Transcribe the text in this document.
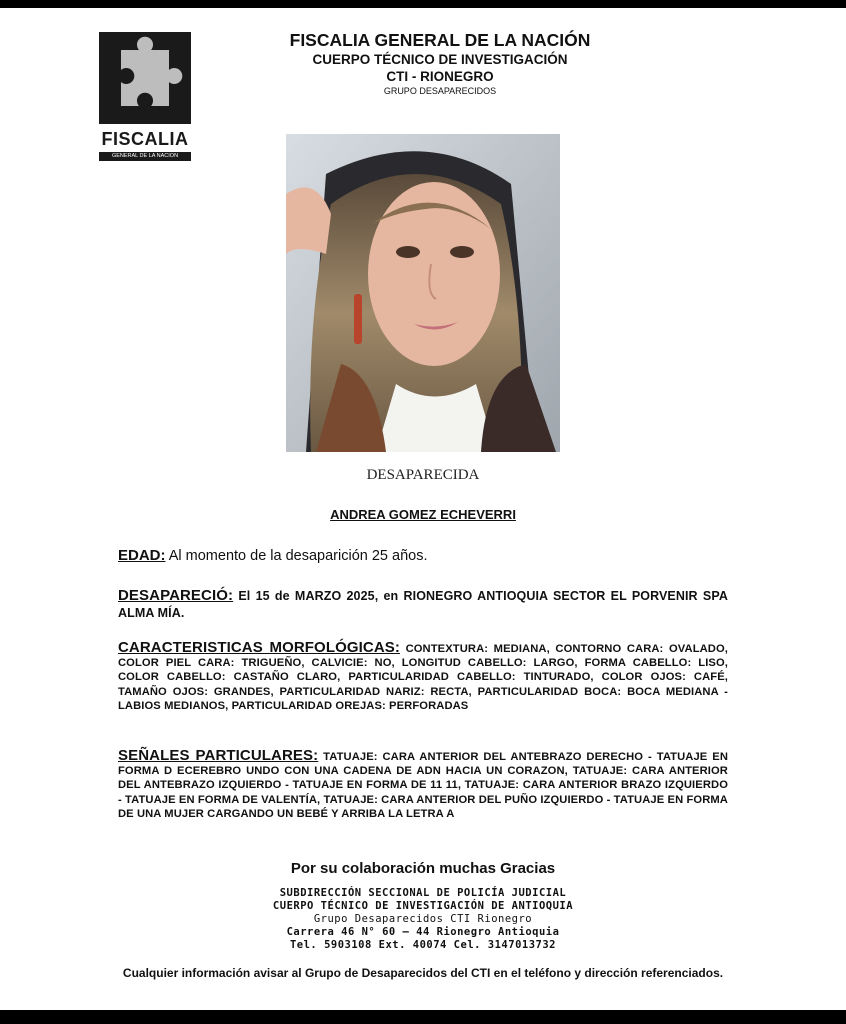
FISCALIA
GENERAL DE LA NACION
FISCALIA GENERAL DE LA NACIÓN
CUERPO TÉCNICO DE INVESTIGACIÓN
CTI - RIONEGRO
GRUPO DESAPARECIDOS
DESAPARECIDA
ANDREA GOMEZ ECHEVERRI
EDAD: Al momento de la desaparición 25 años.
DESAPARECIÓ: El 15 de MARZO 2025, en RIONEGRO ANTIOQUIA SECTOR EL PORVENIR SPA ALMA MÍA.
CARACTERISTICAS MORFOLÓGICAS: CONTEXTURA: MEDIANA, CONTORNO CARA: OVALADO, COLOR PIEL CARA: TRIGUEÑO, CALVICIE: NO, LONGITUD CABELLO: LARGO, FORMA CABELLO: LISO, COLOR CABELLO: CASTAÑO CLARO, PARTICULARIDAD CABELLO: TINTURADO, COLOR OJOS: CAFÉ, TAMAÑO OJOS: GRANDES, PARTICULARIDAD NARIZ: RECTA, PARTICULARIDAD BOCA: BOCA MEDIANA - LABIOS MEDIANOS, PARTICULARIDAD OREJAS: PERFORADAS
SEÑALES PARTICULARES: TATUAJE: CARA ANTERIOR DEL ANTEBRAZO DERECHO - TATUAJE EN FORMA D ECEREBRO UNDO CON UNA CADENA DE ADN HACIA UN CORAZON, TATUAJE: CARA ANTERIOR DEL ANTEBRAZO IZQUIERDO - TATUAJE EN FORMA DE 11 11, TATUAJE: CARA ANTERIOR BRAZO IZQUIERDO - TATUAJE EN FORMA DE VALENTÍA, TATUAJE: CARA ANTERIOR DEL PUÑO IZQUIERDO - TATUAJE EN FORMA DE UNA MUJER CARGANDO UN BEBÉ Y ARRIBA LA LETRA A
Por su colaboración muchas Gracias
SUBDIRECCIÓN SECCIONAL DE POLICÍA JUDICIAL
CUERPO TÉCNICO DE INVESTIGACIÓN DE ANTIOQUIA
Grupo Desaparecidos CTI Rionegro
Carrera 46 N° 60 – 44 Rionegro Antioquia
Tel. 5903108 Ext. 40074 Cel. 3147013732
Cualquier información avisar al Grupo de Desaparecidos del CTI en el teléfono y dirección referenciados.
